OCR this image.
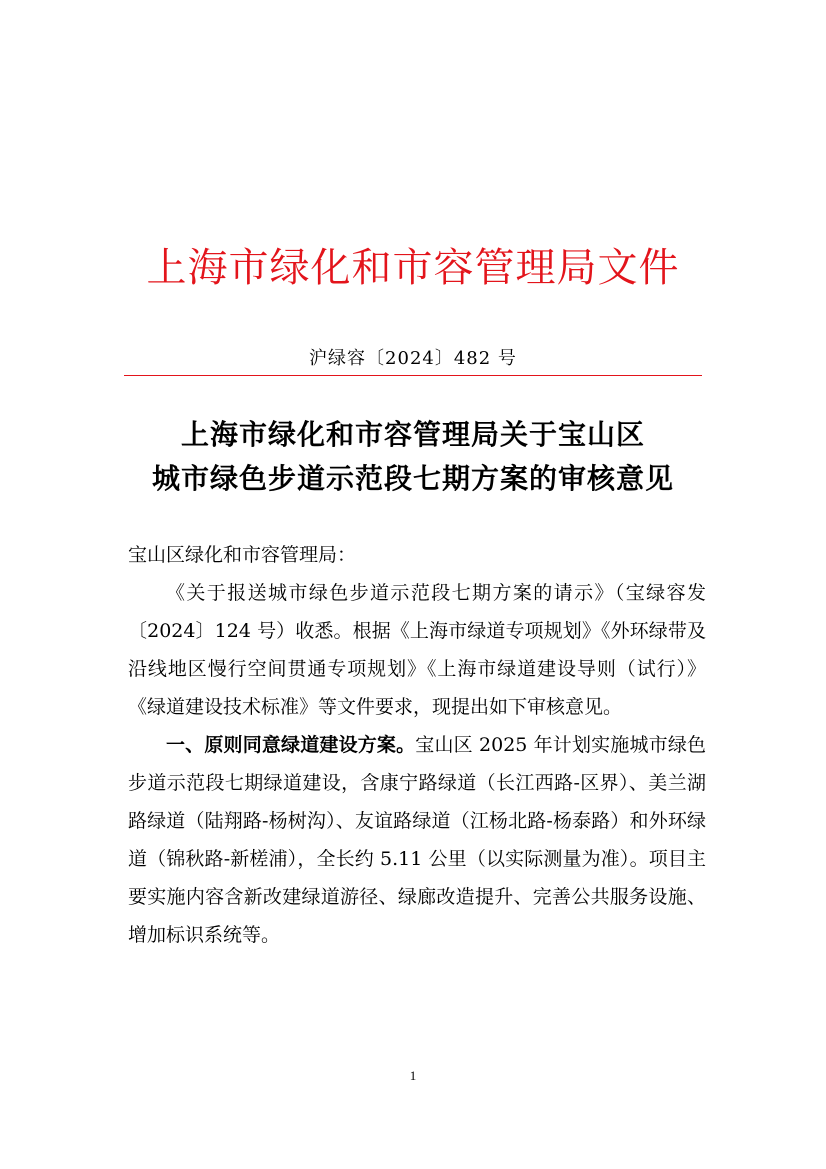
上海市绿化和市容管理局文件
沪绿容〔2024〕482 号
上海市绿化和市容管理局关于宝山区
城市绿色步道示范段七期方案的审核意见

宝山区绿化和市容管理局：

《关于报送城市绿色步道示范段七期方案的请示》（宝绿容发〔2024〕124 号）收悉。根据《上海市绿道专项规划》《外环绿带及沿线地区慢行空间贯通专项规划》《上海市绿道建设导则（试行）》《绿道建设技术标准》等文件要求，现提出如下审核意见。

一、原则同意绿道建设方案。宝山区 2025 年计划实施城市绿色步道示范段七期绿道建设，含康宁路绿道（长江西路-区界）、美兰湖路绿道（陆翔路-杨树沟）、友谊路绿道（江杨北路-杨泰路）和外环绿道（锦秋路-新槎浦），全长约 5.11 公里（以实际测量为准）。项目主要实施内容含新改建绿道游径、绿廊改造提升、完善公共服务设施、增加标识系统等。

1
